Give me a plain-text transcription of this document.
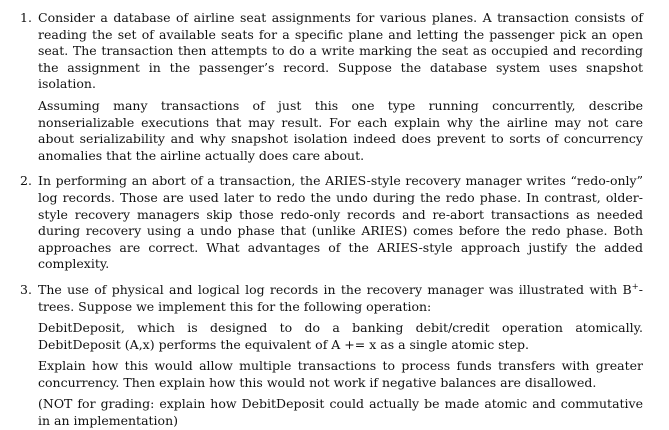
1. Consider a database of airline seat assignments for various planes. A transaction consists of reading the set of available seats for a specific plane and letting the passenger pick an open seat. The transaction then attempts to do a write marking the seat as occupied and recording the assignment in the passenger’s record. Suppose the database system uses snapshot isolation.

Assuming many transactions of just this one type running concurrently, describe nonserializable executions that may result. For each explain why the airline may not care about serializability and why snapshot isolation indeed does prevent to sorts of concurrency anomalies that the airline actually does care about.

2. In performing an abort of a transaction, the ARIES-style recovery manager writes “redo-only” log records. Those are used later to redo the undo during the redo phase. In contrast, older-style recovery managers skip those redo-only records and re-abort transactions as needed during recovery using a undo phase that (unlike ARIES) comes before the redo phase. Both approaches are correct. What advantages of the ARIES-style approach justify the added complexity.

3. The use of physical and logical log records in the recovery manager was illustrated with B+-trees. Suppose we implement this for the following operation:

DebitDeposit, which is designed to do a banking debit/credit operation atomically. DebitDeposit (A,x) performs the equivalent of A += x as a single atomic step.

Explain how this would allow multiple transactions to process funds transfers with greater concurrency. Then explain how this would not work if negative balances are disallowed.

(NOT for grading: explain how DebitDeposit could actually be made atomic and commutative in an implementation)
